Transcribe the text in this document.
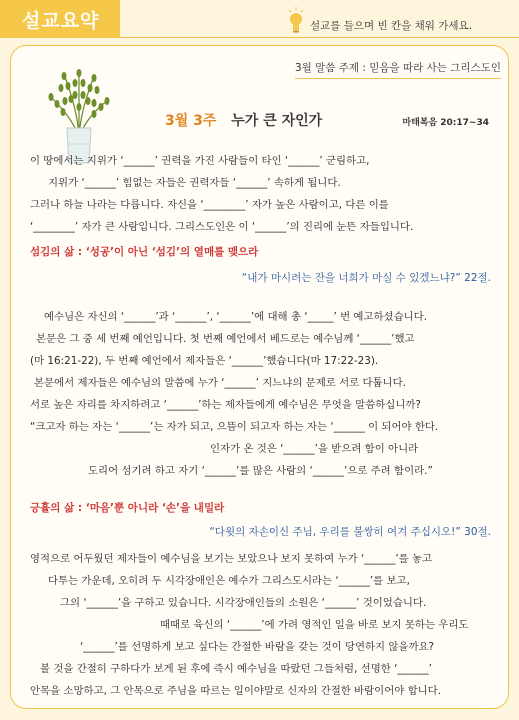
설교요약	설교를 들으며 빈 칸을 채워 가세요.
3월 말씀 주제 : 믿음을 따라 사는 그리스도인
3월 3주 누가 큰 자인가	마태복음 20:17~34

이 땅에서는 지위가 ‘______’ 권력을 가진 사람들이 타인 ‘______’ 군림하고,

지위가 ‘______’ 힘없는 자들은 권력자들 ‘______’ 속하게 됩니다.

그러나 하늘 나라는 다릅니다. 자신을 ‘________’ 자가 높은 사람이고, 다른 이를

‘________’ 자가 큰 사람입니다. 그리스도인은 이 ‘______’의 진리에 눈뜬 자들입니다.

섬김의 삶 : ‘성공’이 아닌 ‘섬김’의 열매를 맺으라
“내가 마시려는 잔을 너희가 마실 수 있겠느냐?” 22절.

예수님은 자신의 ‘______’과 ‘______’, ‘______’에 대해 총 ‘_____’ 번 예고하셨습니다.

본문은 그 중 세 번째 예언입니다. 첫 번째 예언에서 베드로는 예수님께 ‘______’했고

(마 16:21-22), 두 번째 예언에서 제자들은 ‘______’했습니다(마 17:22-23).

본문에서 제자들은 예수님의 말씀에 누가 ‘______’ 지느냐의 문제로 서로 다툽니다.

서로 높은 자리를 차지하려고 ‘______’하는 제자들에게 예수님은 무엇을 말씀하십니까?

“크고자 하는 자는 ‘______’는 자가 되고, 으뜸이 되고자 하는 자는 ‘______ 이 되어야 한다.

인자가 온 것은 ‘______’을 받으려 함이 아니라

도리어 섬기려 하고 자기 ‘______’를 많은 사람의 ‘______’으로 주려 함이라.”

긍휼의 삶 : ‘마음’뿐 아니라 ‘손’을 내밀라
“다윗의 자손이신 주님, 우리를 불쌍히 여겨 주십시오!” 30절.

영적으로 어두웠던 제자들이 예수님을 보기는 보았으나 보지 못하여 누가 ‘______’를 놓고

다투는 가운데, 오히려 두 시각장애인은 예수가 그리스도시라는 ‘______’를 보고,

그의 ‘______’을 구하고 있습니다. 시각장애인들의 소원은 ‘______’ 것이었습니다.

때때로 육신의 ‘______’에 가려 영적인 일을 바로 보지 못하는 우리도

‘______’를 선명하게 보고 싶다는 간절한 바람을 갖는 것이 당연하지 않을까요?

볼 것을 간절히 구하다가 보게 된 후에 즉시 예수님을 따랐던 그들처럼, 선명한 ‘______’

안목을 소망하고, 그 안목으로 주님을 따르는 일이야말로 신자의 간절한 바람이어야 합니다.
